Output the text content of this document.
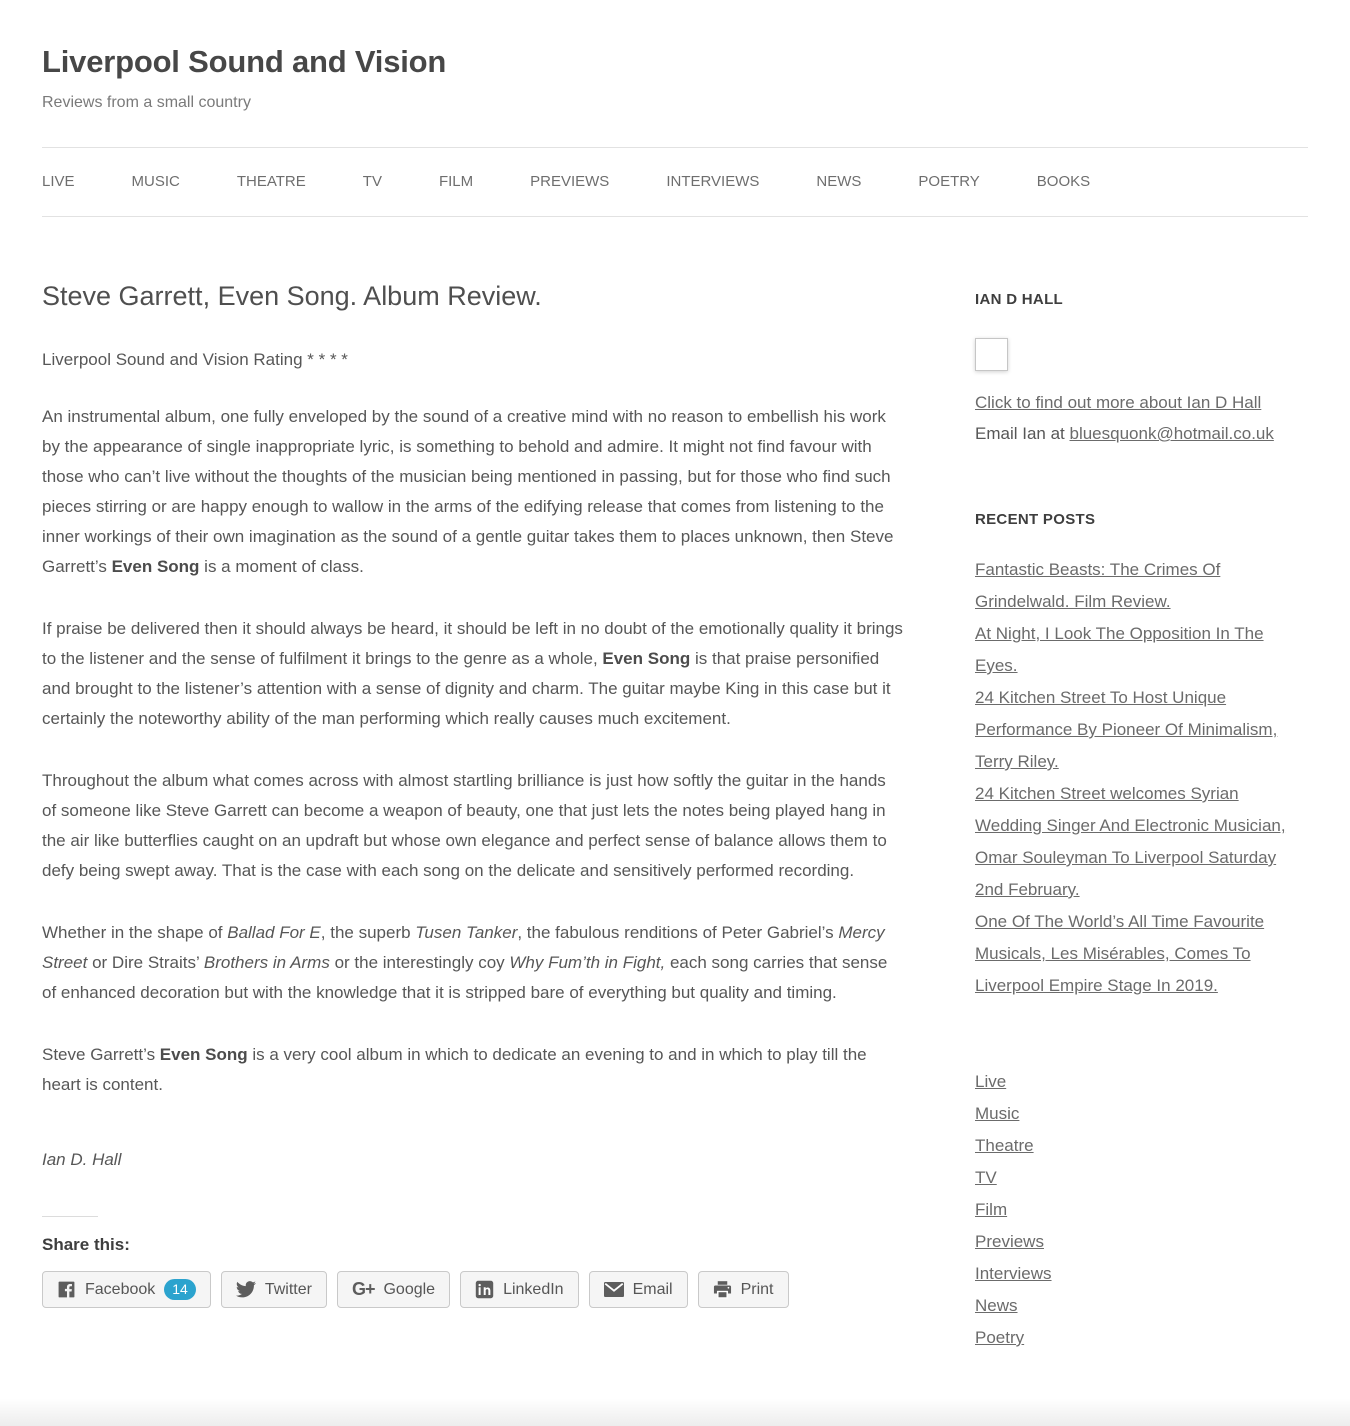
Liverpool Sound and Vision

Reviews from a small country

LIVE	MUSIC	THEATRE	TV	FILM	PREVIEWS	INTERVIEWS	NEWS	POETRY	BOOKS
Steve Garrett, Even Song. Album Review.

Liverpool Sound and Vision Rating * * * *

An instrumental album, one fully enveloped by the sound of a creative mind with no reason to embellish his work by the appearance of single inappropriate lyric, is something to behold and admire. It might not find favour with those who can’t live without the thoughts of the musician being mentioned in passing, but for those who find such pieces stirring or are happy enough to wallow in the arms of the edifying release that comes from listening to the inner workings of their own imagination as the sound of a gentle guitar takes them to places unknown, then Steve Garrett’s Even Song is a moment of class.

If praise be delivered then it should always be heard, it should be left in no doubt of the emotionally quality it brings to the listener and the sense of fulfilment it brings to the genre as a whole, Even Song is that praise personified and brought to the listener’s attention with a sense of dignity and charm. The guitar maybe King in this case but it certainly the noteworthy ability of the man performing which really causes much excitement.

Throughout the album what comes across with almost startling brilliance is just how softly the guitar in the hands of someone like Steve Garrett can become a weapon of beauty, one that just lets the notes being played hang in the air like butterflies caught on an updraft but whose own elegance and perfect sense of balance allows them to defy being swept away. That is the case with each song on the delicate and sensitively performed recording.

Whether in the shape of Ballad For E, the superb Tusen Tanker, the fabulous renditions of Peter Gabriel’s Mercy Street or Dire Straits’ Brothers in Arms or the interestingly coy Why Fum’th in Fight, each song carries that sense of enhanced decoration but with the knowledge that it is stripped bare of everything but quality and timing.

Steve Garrett’s Even Song is a very cool album in which to dedicate an evening to and in which to play till the heart is content.

Ian D. Hall

Share this:
Facebook	14	Twitter G+ Google	LinkedIn	Email	Print
IAN D HALL

Click to find out more about Ian D Hall

Email Ian at bluesquonk@hotmail.co.uk

RECENT POSTS
Fantastic Beasts: The Crimes Of Grindelwald. Film Review.
At Night, I Look The Opposition In The Eyes.
24 Kitchen Street To Host Unique Performance By Pioneer Of Minimalism, Terry Riley.
24 Kitchen Street welcomes Syrian Wedding Singer And Electronic Musician, Omar Souleyman To Liverpool Saturday 2nd February.
One Of The World’s All Time Favourite Musicals, Les Misérables, Comes To Liverpool Empire Stage In 2019.
Live
Music
Theatre
TV
Film
Previews
Interviews
News
Poetry
